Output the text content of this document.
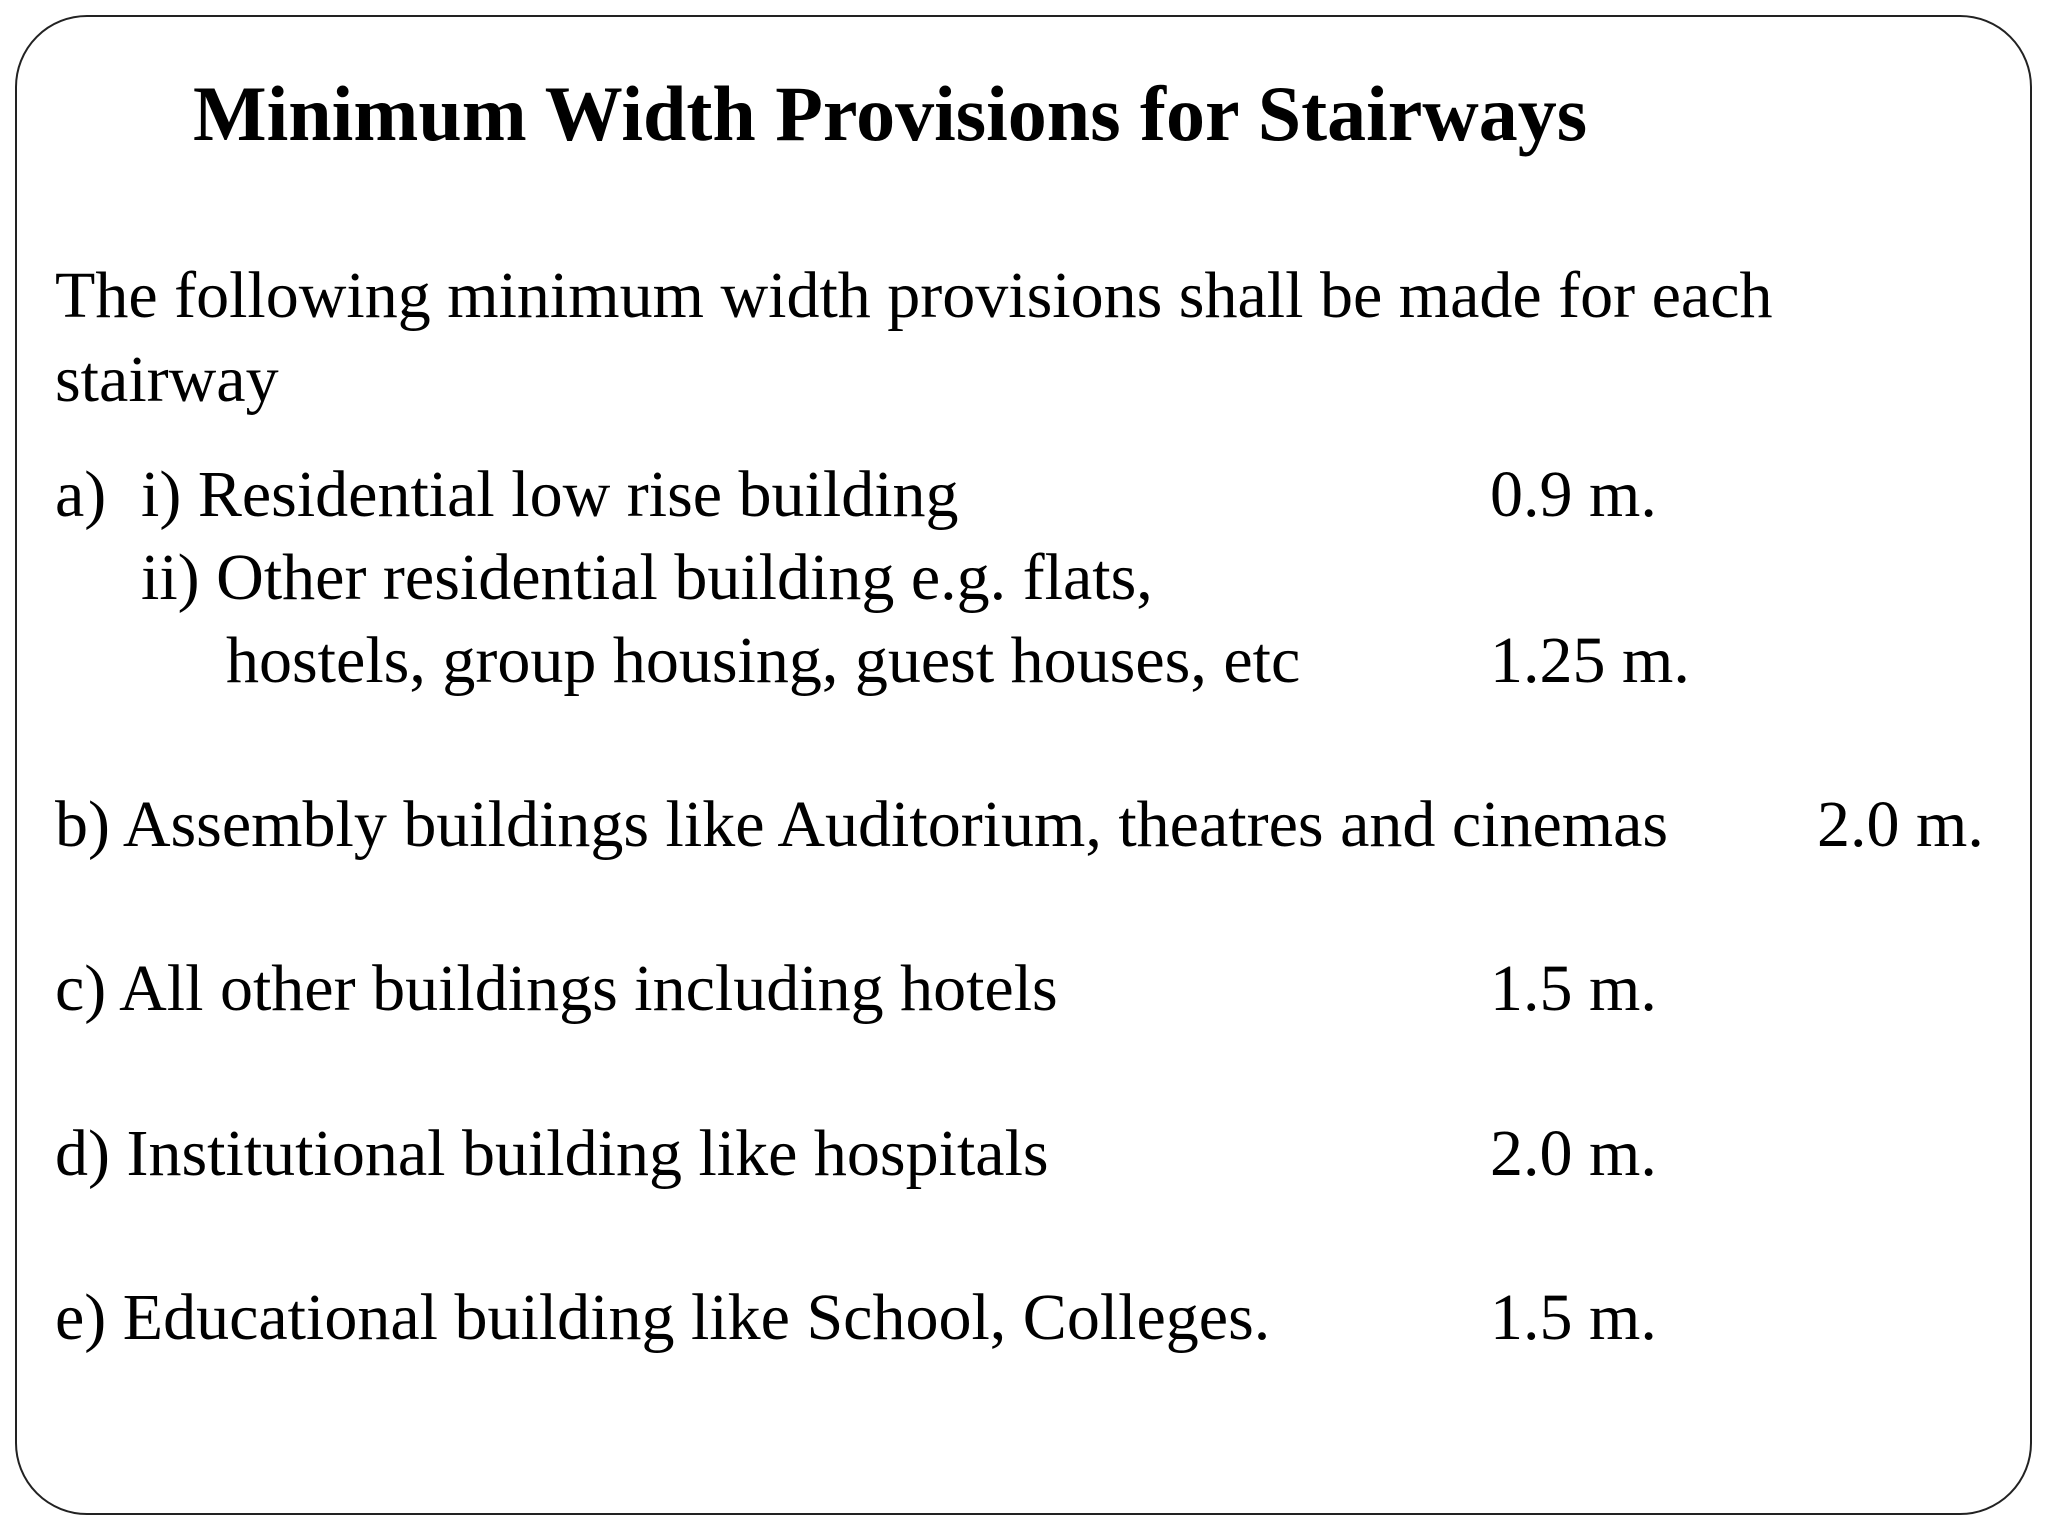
Minimum Width Provisions for Stairways
The following minimum width provisions shall be made for each
stairway
a) i) Residential low rise building	0.9 m.
ii) Other residential building e.g. flats,
hostels, group housing, guest houses, etc	1.25 m.
b) Assembly buildings like Auditorium, theatres and cinemas 2.0 m.
c) All other buildings including hotels	1.5 m.
d) Institutional building like hospitals	2.0 m.
e) Educational building like School, Colleges.	1.5 m.
